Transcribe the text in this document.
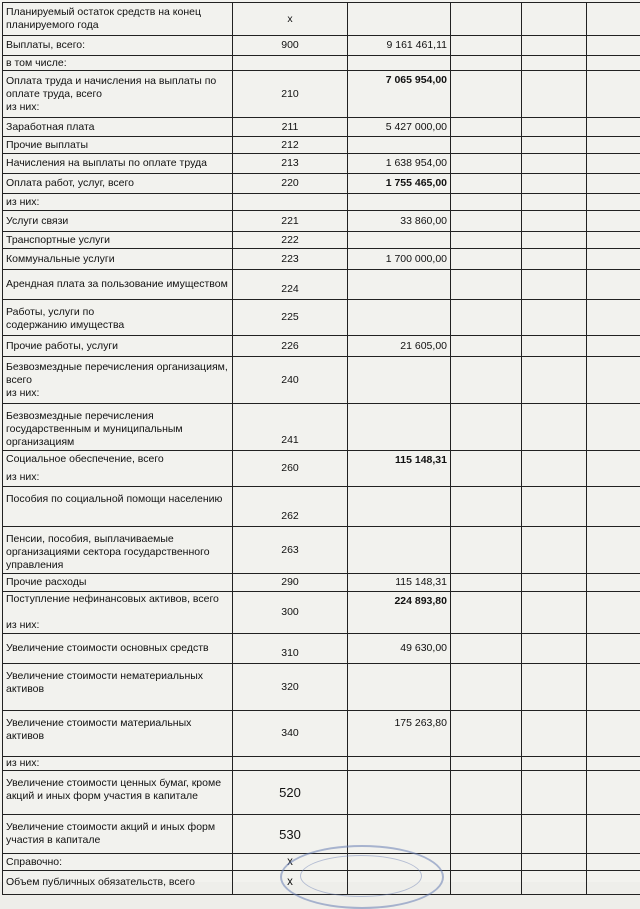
Планируемый остаток средств на конец планируемого года	x				
Выплаты, всего:	900	9 161 461,11			
в том числе:					

Оплата труда и начисления на выплаты по оплате труда, всего
из них:	210	7 065 954,00			
Заработная плата	211	5 427 000,00			
Прочие выплаты	212				
Начисления на выплаты по оплате труда	213	1 638 954,00			
Оплата работ, услуг, всего	220	1 755 465,00			
из них:					
Услуги связи	221	33 860,00			
Транспортные услуги	222				
Коммунальные услуги	223	1 700 000,00			
Арендная плата за пользование имуществом	224				

Работы, услуги по
содержанию имущества	225				
Прочие работы, услуги	226	21 605,00			

Безвозмездные перечисления организациям, всего
из них:	240				
Безвозмездные перечисления государственным и муниципальным организациям	241				

Социальное обеспечение, всего
из них:	260	115 148,31			
Пособия по социальной помощи населению	262				
Пенсии, пособия, выплачиваемые организациями сектора государственного управления	263				
Прочие расходы	290	115 148,31			

Поступление нефинансовых активов, всего
из них:	300	224 893,80			
Увеличение стоимости основных средств	310	49 630,00			
Увеличение стоимости нематериальных активов	320				
Увеличение стоимости материальных активов	340	175 263,80			
из них:					
Увеличение стоимости ценных бумаг, кроме акций и иных форм участия в капитале	520				
Увеличение стоимости акций и иных форм участия в капитале	530				
Справочно:	x				
Объем публичных обязательств, всего	x				
